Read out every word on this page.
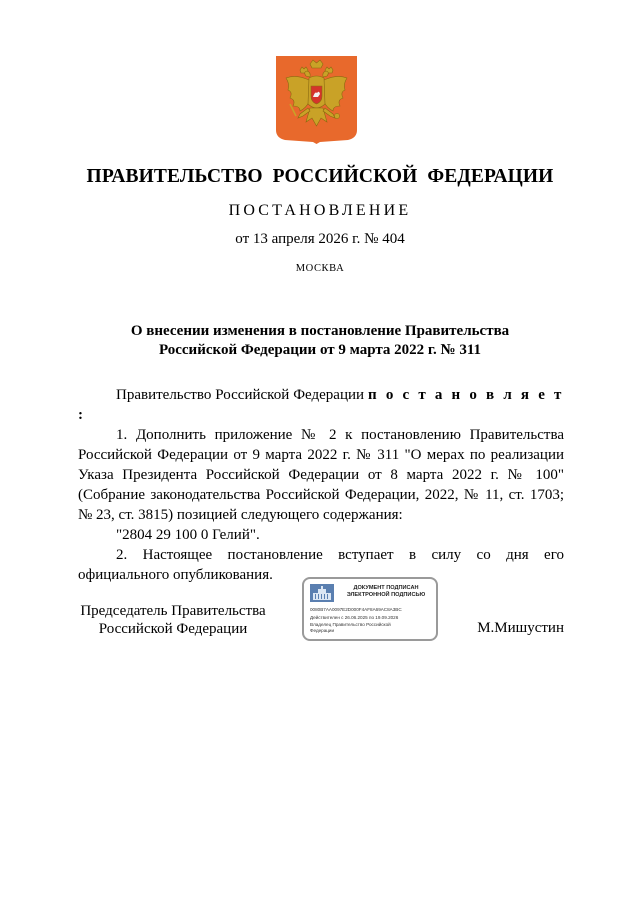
ПРАВИТЕЛЬСТВО РОССИЙСКОЙ ФЕДЕРАЦИИ
ПОСТАНОВЛЕНИЕ
от 13 апреля 2026 г. № 404
МОСКВА
О внесении изменения в постановление Правительства
Российской Федерации от 9 марта 2022 г. № 311

Правительство Российской Федерации п о с т а н о в л я е т :

1. Дополнить приложение № 2 к постановлению Правительства Российской Федерации от 9 марта 2022 г. № 311 "О мерах по реализации Указа Президента Российской Федерации от 8 марта 2022 г. № 100" (Собрание законодательства Российской Федерации, 2022, № 11, ст. 1703; № 23, ст. 3815) позицией следующего содержания:

"2804 29 100 0 Гелий".

2. Настоящее постановление вступает в силу со дня его официального опубликования.

Председатель Правительства
Российской Федерации
ДОКУМЕНТ ПОДПИСАН
ЭЛЕКТРОННОЙ ПОДПИСЬЮ
0080B7AA0097E2D000F4AF8A69AC8A3BC
Действителен с 26.06.2025 по 19.09.2026
Владелец Правительство Российской
Федерации	М.Мишустин
